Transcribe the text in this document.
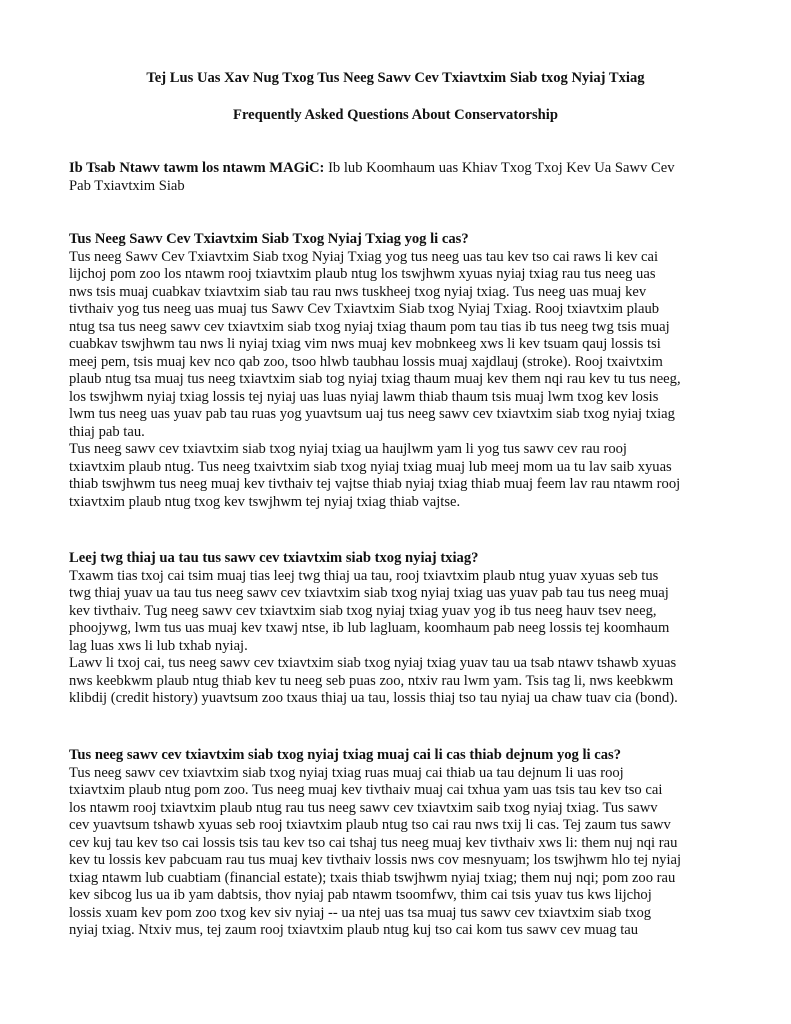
Tej Lus Uas Xav Nug Txog Tus Neeg Sawv Cev Txiavtxim Siab txog Nyiaj Txiag
Frequently Asked Questions About Conservatorship
Ib Tsab Ntawv tawm los ntawm MAGiC: Ib lub Koomhaum uas Khiav Txog Txoj Kev Ua Sawv Cev
Pab Txiavtxim Siab

Tus Neeg Sawv Cev Txiavtxim Siab Txog Nyiaj Txiag yog li cas?

Tus neeg Sawv Cev Txiavtxim Siab txog Nyiaj Txiag yog tus neeg uas tau kev tso cai raws li kev cai
lijchoj pom zoo los ntawm rooj txiavtxim plaub ntug los tswjhwm xyuas nyiaj txiag rau tus neeg uas
nws tsis muaj cuabkav txiavtxim siab tau rau nws tuskheej txog nyiaj txiag. Tus neeg uas muaj kev
tivthaiv yog tus neeg uas muaj tus Sawv Cev Txiavtxim Siab txog Nyiaj Txiag. Rooj txiavtxim plaub
ntug tsa tus neeg sawv cev txiavtxim siab txog nyiaj txiag thaum pom tau tias ib tus neeg twg tsis muaj
cuabkav tswjhwm tau nws li nyiaj txiag vim nws muaj kev mobnkeeg xws li kev tsuam qauj lossis tsi
meej pem, tsis muaj kev nco qab zoo, tsoo hlwb taubhau lossis muaj xajdlauj (stroke). Rooj txaivtxim
plaub ntug tsa muaj tus neeg txiavtxim siab tog nyiaj txiag thaum muaj kev them nqi rau kev tu tus neeg,
los tswjhwm nyiaj txiag lossis tej nyiaj uas luas nyiaj lawm thiab thaum tsis muaj lwm txog kev losis
lwm tus neeg uas yuav pab tau ruas yog yuavtsum uaj tus neeg sawv cev txiavtxim siab txog nyiaj txiag
thiaj pab tau.

Tus neeg sawv cev txiavtxim siab txog nyiaj txiag ua haujlwm yam li yog tus sawv cev rau rooj
txiavtxim plaub ntug. Tus neeg txaivtxim siab txog nyiaj txiag muaj lub meej mom ua tu lav saib xyuas
thiab tswjhwm tus neeg muaj kev tivthaiv tej vajtse thiab nyiaj txiag thiab muaj feem lav rau ntawm rooj
txiavtxim plaub ntug txog kev tswjhwm tej nyiaj txiag thiab vajtse.

Leej twg thiaj ua tau tus sawv cev txiavtxim siab txog nyiaj txiag?

Txawm tias txoj cai tsim muaj tias leej twg thiaj ua tau, rooj txiavtxim plaub ntug yuav xyuas seb tus
twg thiaj yuav ua tau tus neeg sawv cev txiavtxim siab txog nyiaj txiag uas yuav pab tau tus neeg muaj
kev tivthaiv. Tug neeg sawv cev txiavtxim siab txog nyiaj txiag yuav yog ib tus neeg hauv tsev neeg,
phoojywg, lwm tus uas muaj kev txawj ntse, ib lub lagluam, koomhaum pab neeg lossis tej koomhaum
lag luas xws li lub txhab nyiaj.

Lawv li txoj cai, tus neeg sawv cev txiavtxim siab txog nyiaj txiag yuav tau ua tsab ntawv tshawb xyuas
nws keebkwm plaub ntug thiab kev tu neeg seb puas zoo, ntxiv rau lwm yam. Tsis tag li, nws keebkwm
klibdij (credit history) yuavtsum zoo txaus thiaj ua tau, lossis thiaj tso tau nyiaj ua chaw tuav cia (bond).

Tus neeg sawv cev txiavtxim siab txog nyiaj txiag muaj cai li cas thiab dejnum yog li cas?

Tus neeg sawv cev txiavtxim siab txog nyiaj txiag ruas muaj cai thiab ua tau dejnum li uas rooj
txiavtxim plaub ntug pom zoo. Tus neeg muaj kev tivthaiv muaj cai txhua yam uas tsis tau kev tso cai
los ntawm rooj txiavtxim plaub ntug rau tus neeg sawv cev txiavtxim saib txog nyiaj txiag. Tus sawv
cev yuavtsum tshawb xyuas seb rooj txiavtxim plaub ntug tso cai rau nws txij li cas. Tej zaum tus sawv
cev kuj tau kev tso cai lossis tsis tau kev tso cai tshaj tus neeg muaj kev tivthaiv xws li: them nuj nqi rau
kev tu lossis kev pabcuam rau tus muaj kev tivthaiv lossis nws cov mesnyuam; los tswjhwm hlo tej nyiaj
txiag ntawm lub cuabtiam (financial estate); txais thiab tswjhwm nyiaj txiag; them nuj nqi; pom zoo rau
kev sibcog lus ua ib yam dabtsis, thov nyiaj pab ntawm tsoomfwv, thim cai tsis yuav tus kws lijchoj
lossis xuam kev pom zoo txog kev siv nyiaj -- ua ntej uas tsa muaj tus sawv cev txiavtxim siab txog
nyiaj txiag. Ntxiv mus, tej zaum rooj txiavtxim plaub ntug kuj tso cai kom tus sawv cev muag tau
